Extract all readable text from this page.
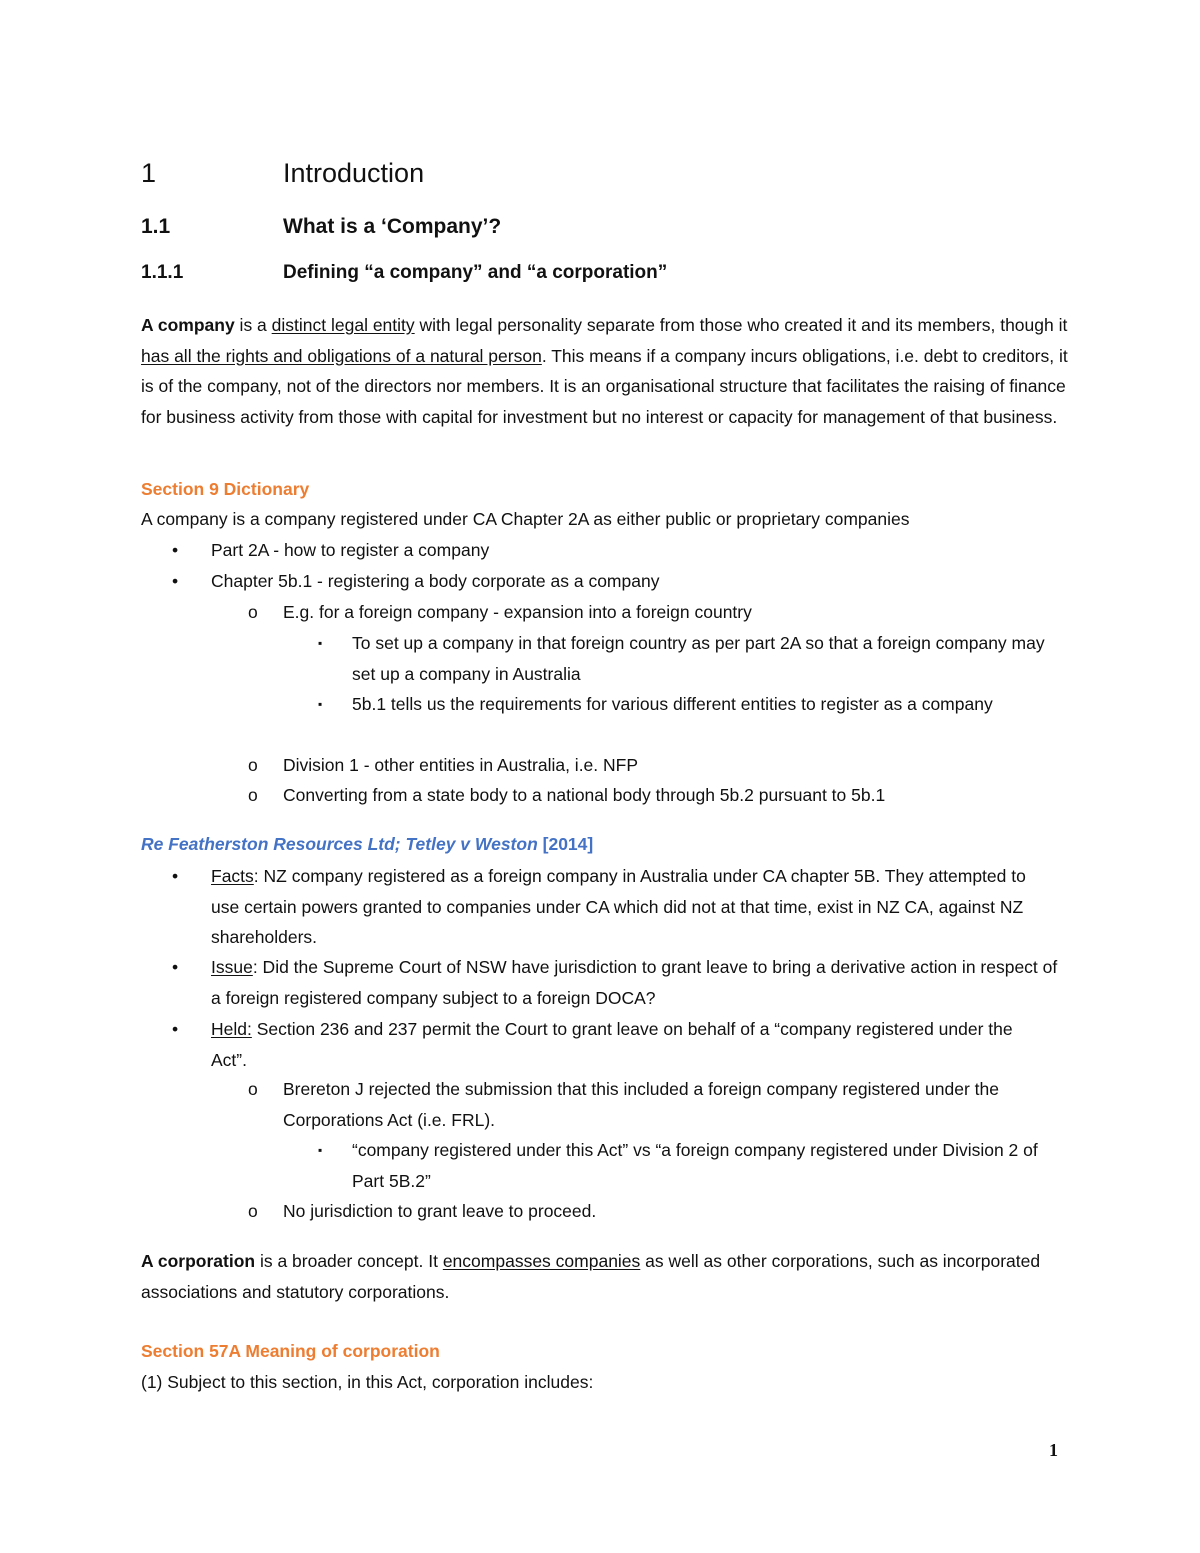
1	Introduction
1.1	What is a ‘Company’?
1.1.1	Defining “a company” and “a corporation”
A company is a distinct legal entity with legal personality separate from those who created it and its members, though it has all the rights and obligations of a natural person. This means if a company incurs obligations, i.e. debt to creditors, it is of the company, not of the directors nor members. It is an organisational structure that facilitates the raising of finance for business activity from those with capital for investment but no interest or capacity for management of that business.
Section 9 Dictionary
A company is a company registered under CA Chapter 2A as either public or proprietary companies
• Part 2A - how to register a company
• Chapter 5b.1 - registering a body corporate as a company
o E.g. for a foreign company - expansion into a foreign country
▪ To set up a company in that foreign country as per part 2A so that a foreign company may set up a company in Australia
▪ 5b.1 tells us the requirements for various different entities to register as a company
o Division 1 - other entities in Australia, i.e. NFP
o Converting from a state body to a national body through 5b.2 pursuant to 5b.1
Re Featherston Resources Ltd; Tetley v Weston [2014]
• Facts: NZ company registered as a foreign company in Australia under CA chapter 5B. They attempted to use certain powers granted to companies under CA which did not at that time, exist in NZ CA, against NZ shareholders.
• Issue: Did the Supreme Court of NSW have jurisdiction to grant leave to bring a derivative action in respect of a foreign registered company subject to a foreign DOCA?
• Held: Section 236 and 237 permit the Court to grant leave on behalf of a “company registered under the Act”.
o Brereton J rejected the submission that this included a foreign company registered under the Corporations Act (i.e. FRL).
▪ “company registered under this Act” vs “a foreign company registered under Division 2 of Part 5B.2”
o No jurisdiction to grant leave to proceed.
A corporation is a broader concept. It encompasses companies as well as other corporations, such as incorporated associations and statutory corporations.
Section 57A Meaning of corporation
(1) Subject to this section, in this Act, corporation includes:
1
